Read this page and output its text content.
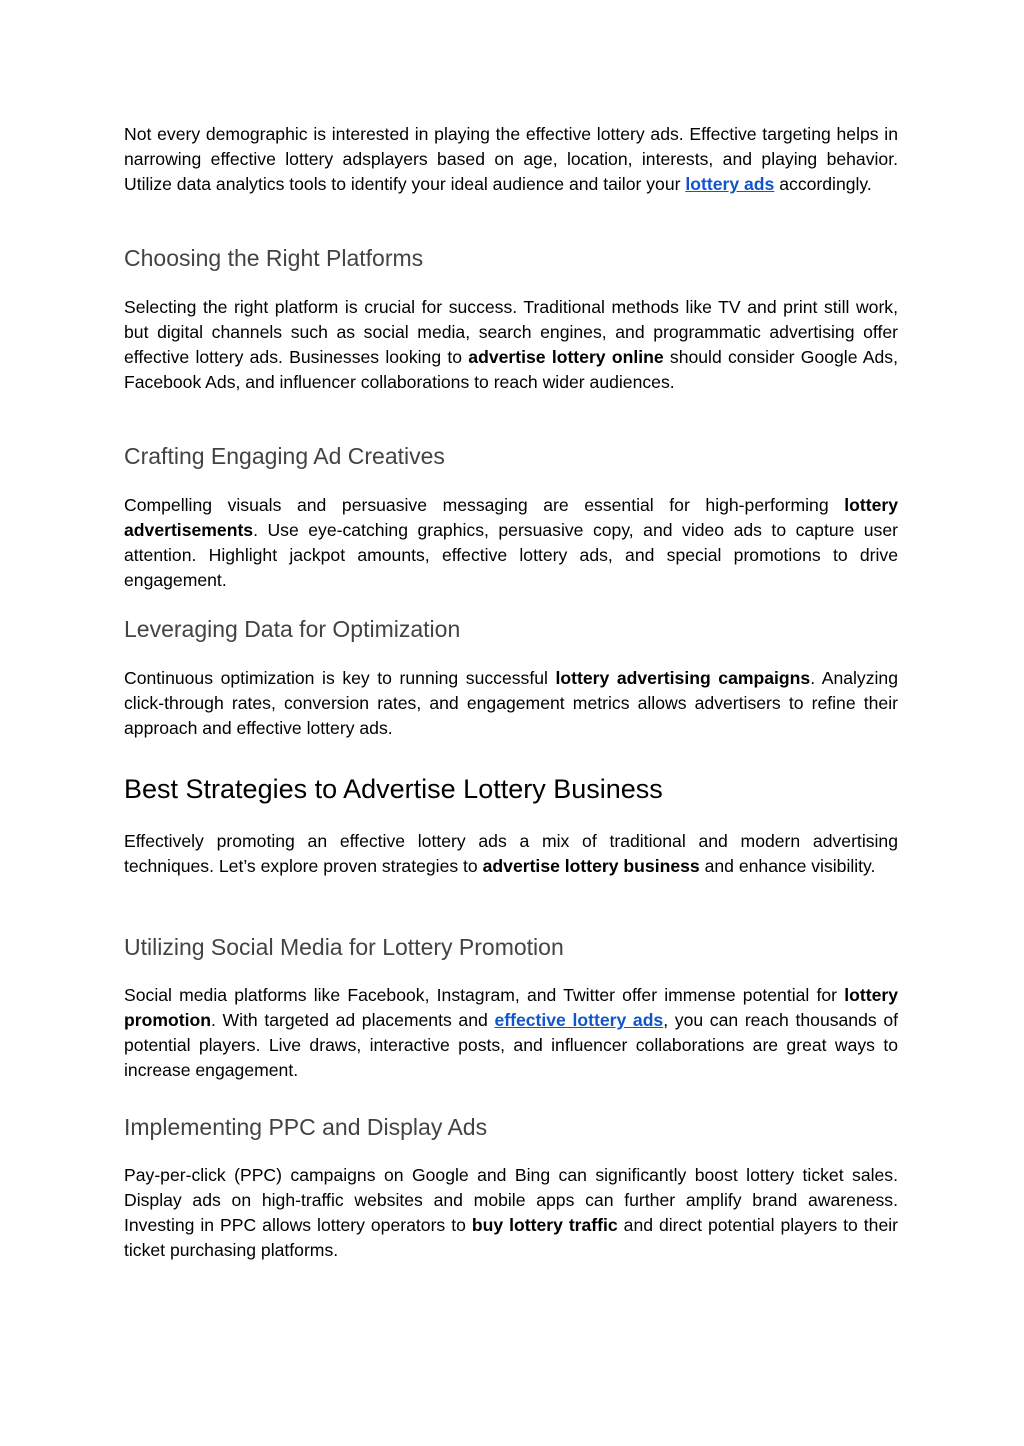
Not every demographic is interested in playing the effective lottery ads. Effective targeting helps in narrowing effective lottery adsplayers based on age, location, interests, and playing behavior. Utilize data analytics tools to identify your ideal audience and tailor your lottery ads accordingly.

Choosing the Right Platforms

Selecting the right platform is crucial for success. Traditional methods like TV and print still work, but digital channels such as social media, search engines, and programmatic advertising offer effective lottery ads. Businesses looking to advertise lottery online should consider Google Ads, Facebook Ads, and influencer collaborations to reach wider audiences.

Crafting Engaging Ad Creatives

Compelling visuals and persuasive messaging are essential for high-performing lottery advertisements. Use eye-catching graphics, persuasive copy, and video ads to capture user attention. Highlight jackpot amounts, effective lottery ads, and special promotions to drive engagement.

Leveraging Data for Optimization

Continuous optimization is key to running successful lottery advertising campaigns. Analyzing click-through rates, conversion rates, and engagement metrics allows advertisers to refine their approach and effective lottery ads.

Best Strategies to Advertise Lottery Business

Effectively promoting an effective lottery ads a mix of traditional and modern advertising techniques. Let’s explore proven strategies to advertise lottery business and enhance visibility.

Utilizing Social Media for Lottery Promotion

Social media platforms like Facebook, Instagram, and Twitter offer immense potential for lottery promotion. With targeted ad placements and effective lottery ads, you can reach thousands of potential players. Live draws, interactive posts, and influencer collaborations are great ways to increase engagement.

Implementing PPC and Display Ads

Pay-per-click (PPC) campaigns on Google and Bing can significantly boost lottery ticket sales. Display ads on high-traffic websites and mobile apps can further amplify brand awareness. Investing in PPC allows lottery operators to buy lottery traffic and direct potential players to their ticket purchasing platforms.
